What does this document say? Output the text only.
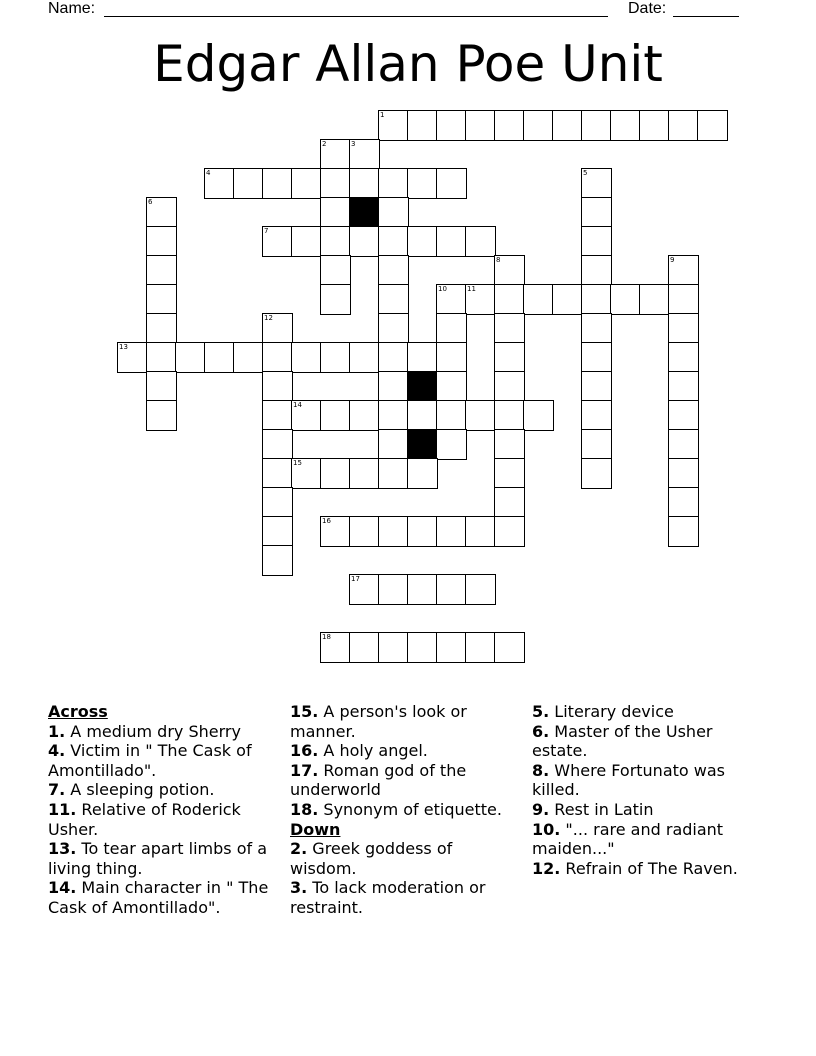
Name:	Date:
Edgar Allan Poe Unit
1
2	3
4	5
6
7
8	9
10	11
12
13
14
15
16
17
18
Across
1. A medium dry Sherry
4. Victim in " The Cask of Amontillado".
7. A sleeping potion.
11. Relative of Roderick Usher.
13. To tear apart limbs of a living thing.
14. Main character in " The Cask of Amontillado".
15. A person's look or manner.
16. A holy angel.
17. Roman god of the underworld
18. Synonym of etiquette.
Down
2. Greek goddess of wisdom.
3. To lack moderation or restraint.
5. Literary device
6. Master of the Usher estate.
8. Where Fortunato was killed.
9. Rest in Latin
10. "... rare and radiant maiden..."
12. Refrain of The Raven.
